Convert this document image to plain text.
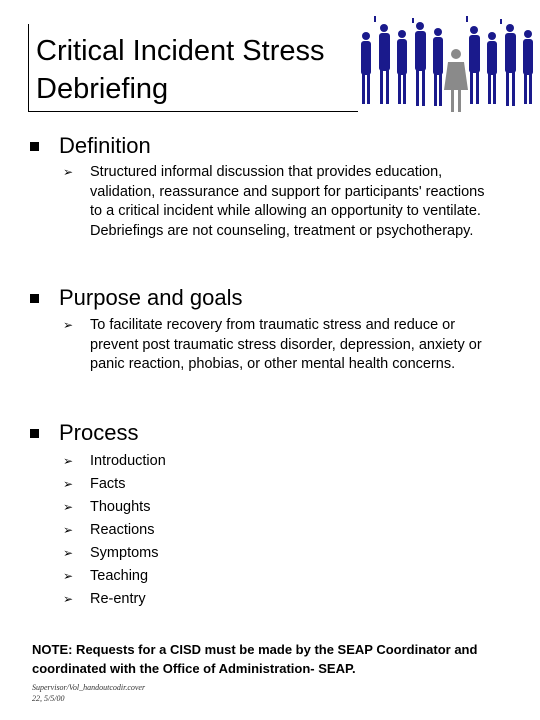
Critical Incident Stress
Debriefing
Definition
➢	Structured informal discussion that provides education, validation, reassurance and support for participants' reactions to a critical incident while allowing an opportunity to ventilate. Debriefings are not counseling, treatment or psychotherapy.
Purpose and goals
➢	To facilitate recovery from traumatic stress and reduce or prevent post traumatic stress disorder, depression, anxiety or panic reaction, phobias, or other mental health concerns.
Process
➢	Introduction
➢	Facts
➢	Thoughts
➢	Reactions
➢	Symptoms
➢	Teaching
➢	Re-entry
NOTE: Requests for a CISD must be made by the SEAP Coordinator and
coordinated with the Office of Administration- SEAP.
Supervisor/Vol_handoutcodir.cover
22, 5/5/00
